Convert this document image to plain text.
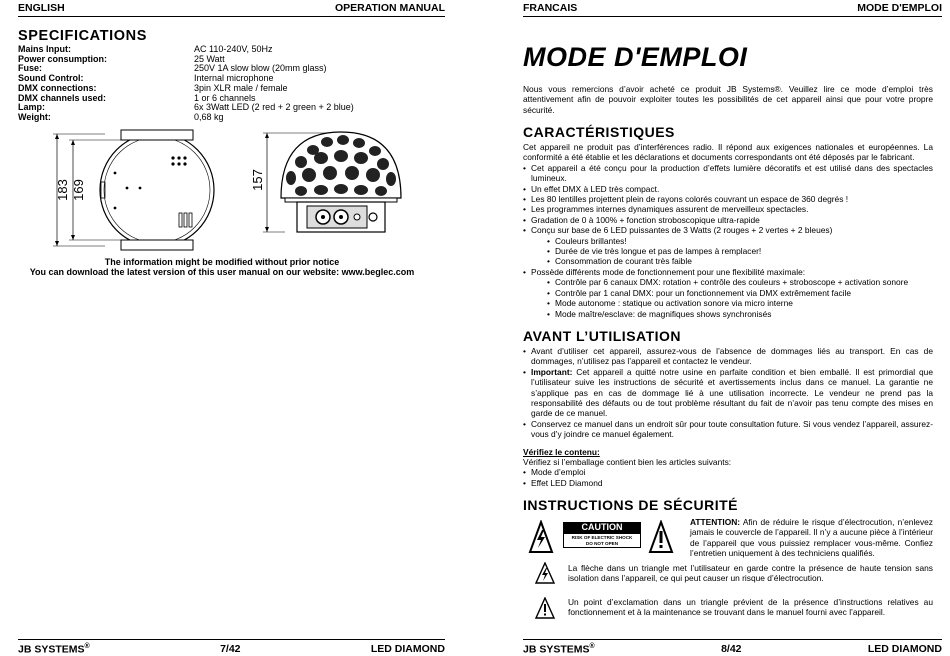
ENGLISH	OPERATION MANUAL
SPECIFICATIONS
Mains Input:	AC 110-240V, 50Hz
Power consumption:	25 Watt
Fuse:	250V 1A slow blow (20mm glass)
Sound Control:	Internal microphone
DMX connections:	3pin XLR male / female
DMX channels used:	1 or 6 channels
Lamp:	6x 3Watt LED (2 red + 2 green + 2 blue)
Weight:	0,68 kg
183 169	157
The information might be modified without prior notice
You can download the latest version of this user manual on our website: www.beglec.com
JB SYSTEMS®	7/42	LED DIAMOND
FRANCAIS	MODE D'EMPLOI
MODE D'EMPLOI
Nous vous remercions d’avoir acheté ce produit JB Systems®. Veuillez lire ce mode d’emploi très attentivement afin de pouvoir exploiter toutes les possibilités de cet appareil ainsi que pour votre propre sécurité.
CARACTÉRISTIQUES
Cet appareil ne produit pas d’interférences radio. Il répond aux exigences nationales et européennes. La conformité a été établie et les déclarations et documents correspondants ont été déposés par le fabricant.
• Cet appareil a été conçu pour la production d’effets lumière décoratifs et est utilisé dans des spectacles lumineux.
• Un effet DMX à LED très compact.
• Les 80 lentilles projettent plein de rayons colorés couvrant un espace de 360 degrés !
• Les programmes internes dynamiques assurent de merveilleux spectacles.
• Gradation de 0 à 100% + fonction stroboscopique ultra-rapide
• Conçu sur base de 6 LED puissantes de 3 Watts (2 rouges + 2 vertes + 2 bleues)
• Couleurs brillantes!
• Durée de vie très longue et pas de lampes à remplacer!
• Consommation de courant très faible
• Possède différents mode de fonctionnement pour une flexibilité maximale:
• Contrôle par 6 canaux DMX: rotation + contrôle des couleurs + stroboscope + activation sonore
• Contrôle par 1 canal DMX: pour un fonctionnement via DMX extrêmement facile
• Mode autonome : statique ou activation sonore via micro interne
• Mode maître/esclave: de magnifiques shows synchronisés
AVANT L’UTILISATION
• Avant d’utiliser cet appareil, assurez-vous de l’absence de dommages liés au transport. En cas de dommages, n’utilisez pas l’appareil et contactez le vendeur.
• Important: Cet appareil a quitté notre usine en parfaite condition et bien emballé. Il est primordial que l’utilisateur suive les instructions de sécurité et avertissements inclus dans ce manuel. La garantie ne s’applique pas en cas de dommage lié à une utilisation incorrecte. Le vendeur ne prend pas la responsabilité des défauts ou de tout problème résultant du fait de n’avoir pas tenu compte des mises en garde de ce manuel.
• Conservez ce manuel dans un endroit sûr pour toute consultation future. Si vous vendez l’appareil, assurez-vous d’y joindre ce manuel également.
Vérifiez le contenu:
Vérifiez si l’emballage contient bien les articles suivants:
• Mode d’emploi
• Effet LED Diamond
INSTRUCTIONS DE SÉCURITÉ
CAUTION
RISK OF ELECTRIC SHOCK
DO NOT OPEN
ATTENTION: Afin de réduire le risque d’électrocution, n’enlevez jamais le couvercle de l’appareil. Il n’y a aucune pièce à l’intérieur de l’appareil que vous puissiez remplacer vous-même. Confiez l’entretien uniquement à des techniciens qualifiés.
La flèche dans un triangle met l’utilisateur en garde contre la présence de haute tension sans isolation dans l’appareil, ce qui peut causer un risque d’électrocution.
Un point d’exclamation dans un triangle prévient de la présence d’instructions relatives au fonctionnement et à la maintenance se trouvant dans le manuel fourni avec l’appareil.
JB SYSTEMS®	8/42	LED DIAMOND
